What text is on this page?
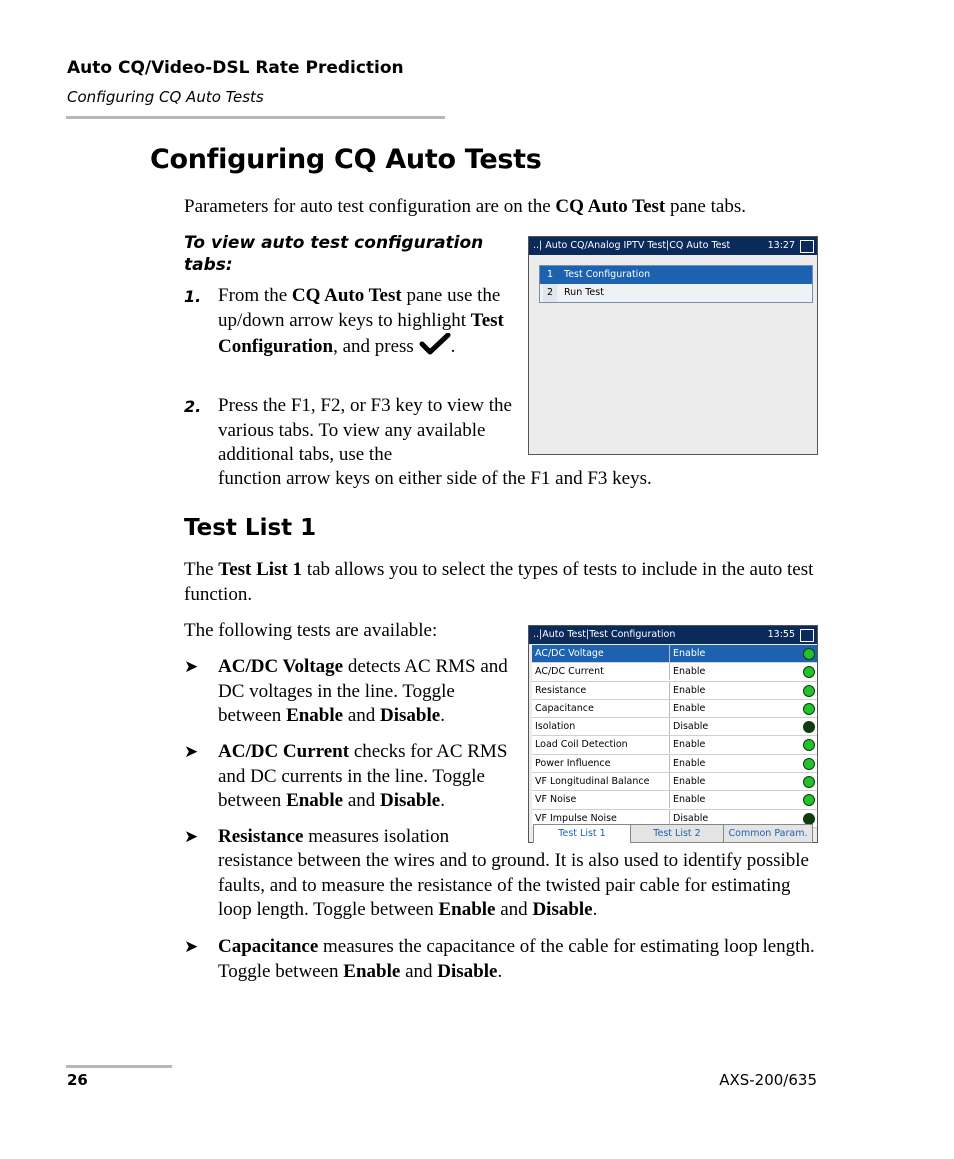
Auto CQ/Video-DSL Rate Prediction
Configuring CQ Auto Tests
Configuring CQ Auto Tests
Parameters for auto test configuration are on the CQ Auto Test pane tabs.
To view auto test configuration tabs:
1. From the CQ Auto Test pane use the up/down arrow keys to highlight Test Configuration, and press .
2. Press the F1, F2, or F3 key to view the various tabs. To view any available additional tabs, use the
function arrow keys on either side of the F1 and F3 keys.
..| Auto CQ/Analog IPTV Test|CQ Auto Test	13:27
1	Test Configuration
2	Run Test
Test List 1
The Test List 1 tab allows you to select the types of tests to include in the auto test function.
The following tests are available:
➤ AC/DC Voltage detects AC RMS and DC voltages in the line. Toggle between Enable and Disable.
➤ AC/DC Current checks for AC RMS and DC currents in the line. Toggle between Enable and Disable.
➤ Resistance measures isolation
resistance between the wires and to ground. It is also used to identify possible faults, and to measure the resistance of the twisted pair cable for estimating loop length. Toggle between Enable and Disable.
➤ Capacitance measures the capacitance of the cable for estimating loop length. Toggle between Enable and Disable.
..|Auto Test|Test Configuration	13:55
AC/DC Voltage	Enable
AC/DC Current	Enable
Resistance	Enable
Capacitance	Enable
Isolation	Disable
Load Coil Detection	Enable
Power Influence	Enable
VF Longitudinal Balance	Enable
VF Noise	Enable
VF Impulse Noise	Disable
Test List 1	Test List 2	Common Param.
26	AXS-200/635
